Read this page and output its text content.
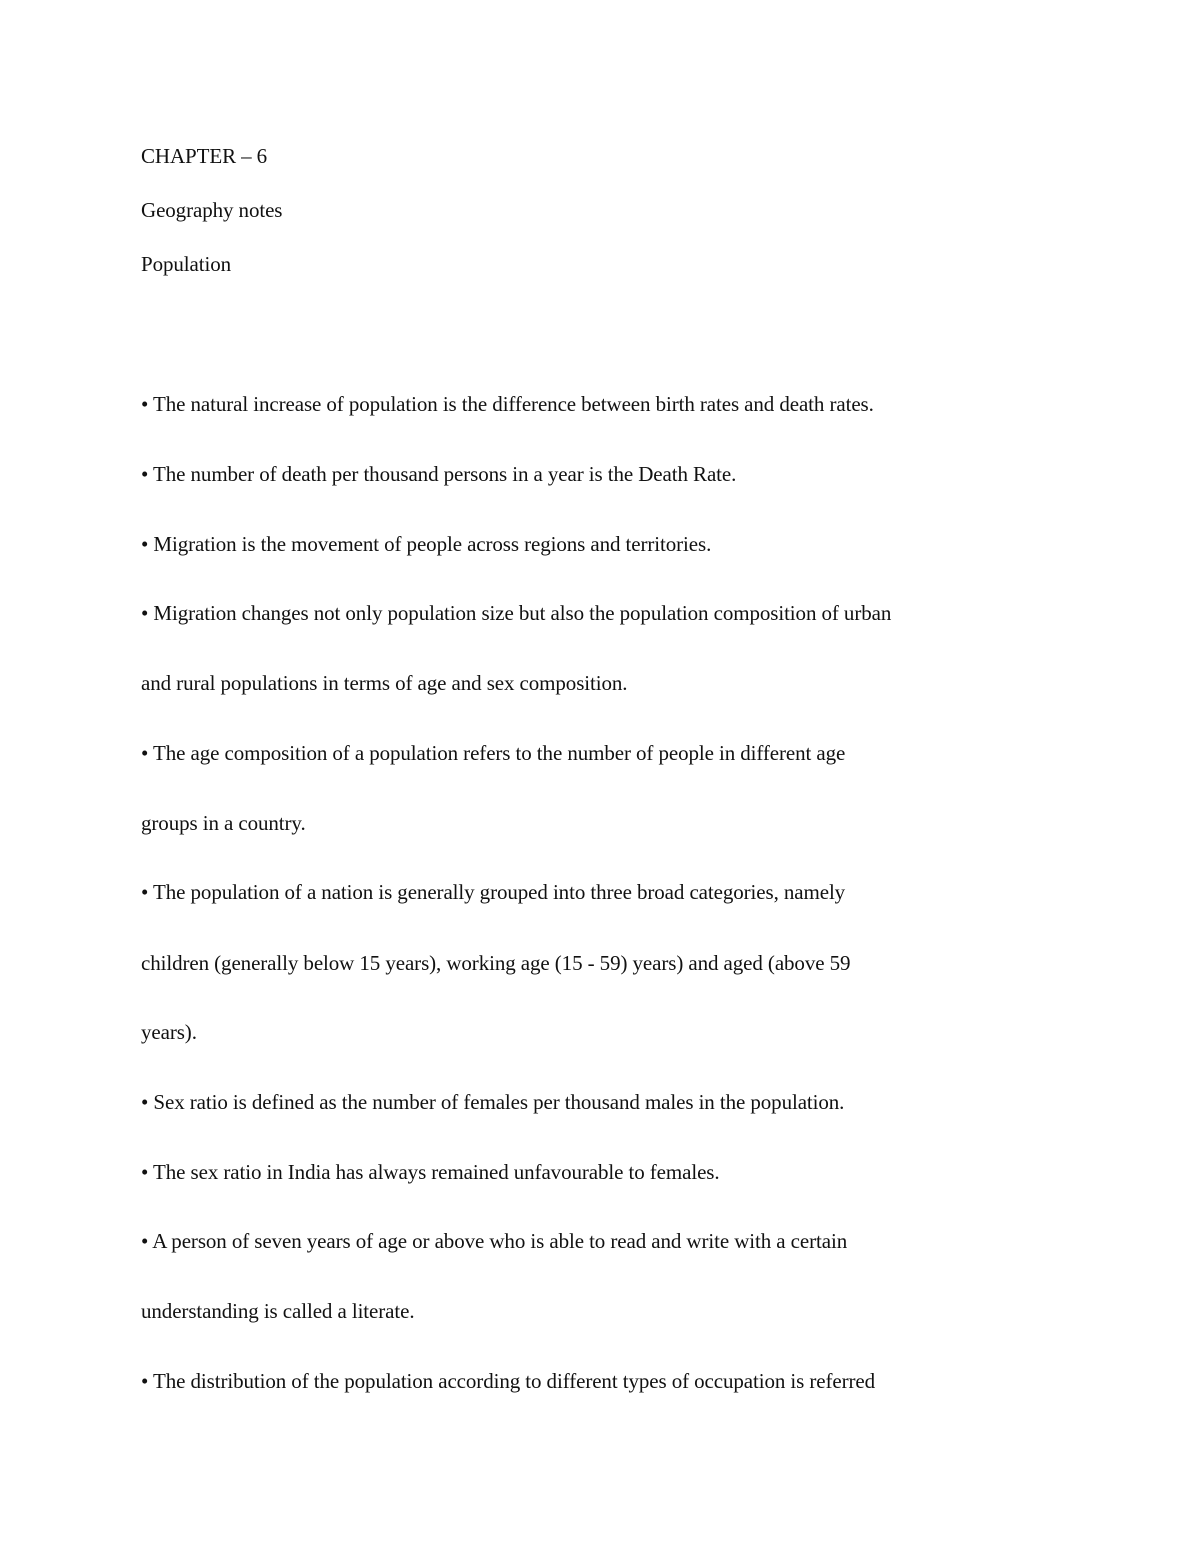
CHAPTER – 6
Geography notes
Population
• The natural increase of population is the difference between birth rates and death rates.
• The number of death per thousand persons in a year is the Death Rate.
• Migration is the movement of people across regions and territories.
• Migration changes not only population size but also the population composition of urban
and rural populations in terms of age and sex composition.
• The age composition of a population refers to the number of people in different age
groups in a country.
• The population of a nation is generally grouped into three broad categories, namely
children (generally below 15 years), working age (15 - 59) years) and aged (above 59
years).
• Sex ratio is defined as the number of females per thousand males in the population.
• The sex ratio in India has always remained unfavourable to females.
• A person of seven years of age or above who is able to read and write with a certain
understanding is called a literate.
• The distribution of the population according to different types of occupation is referred
